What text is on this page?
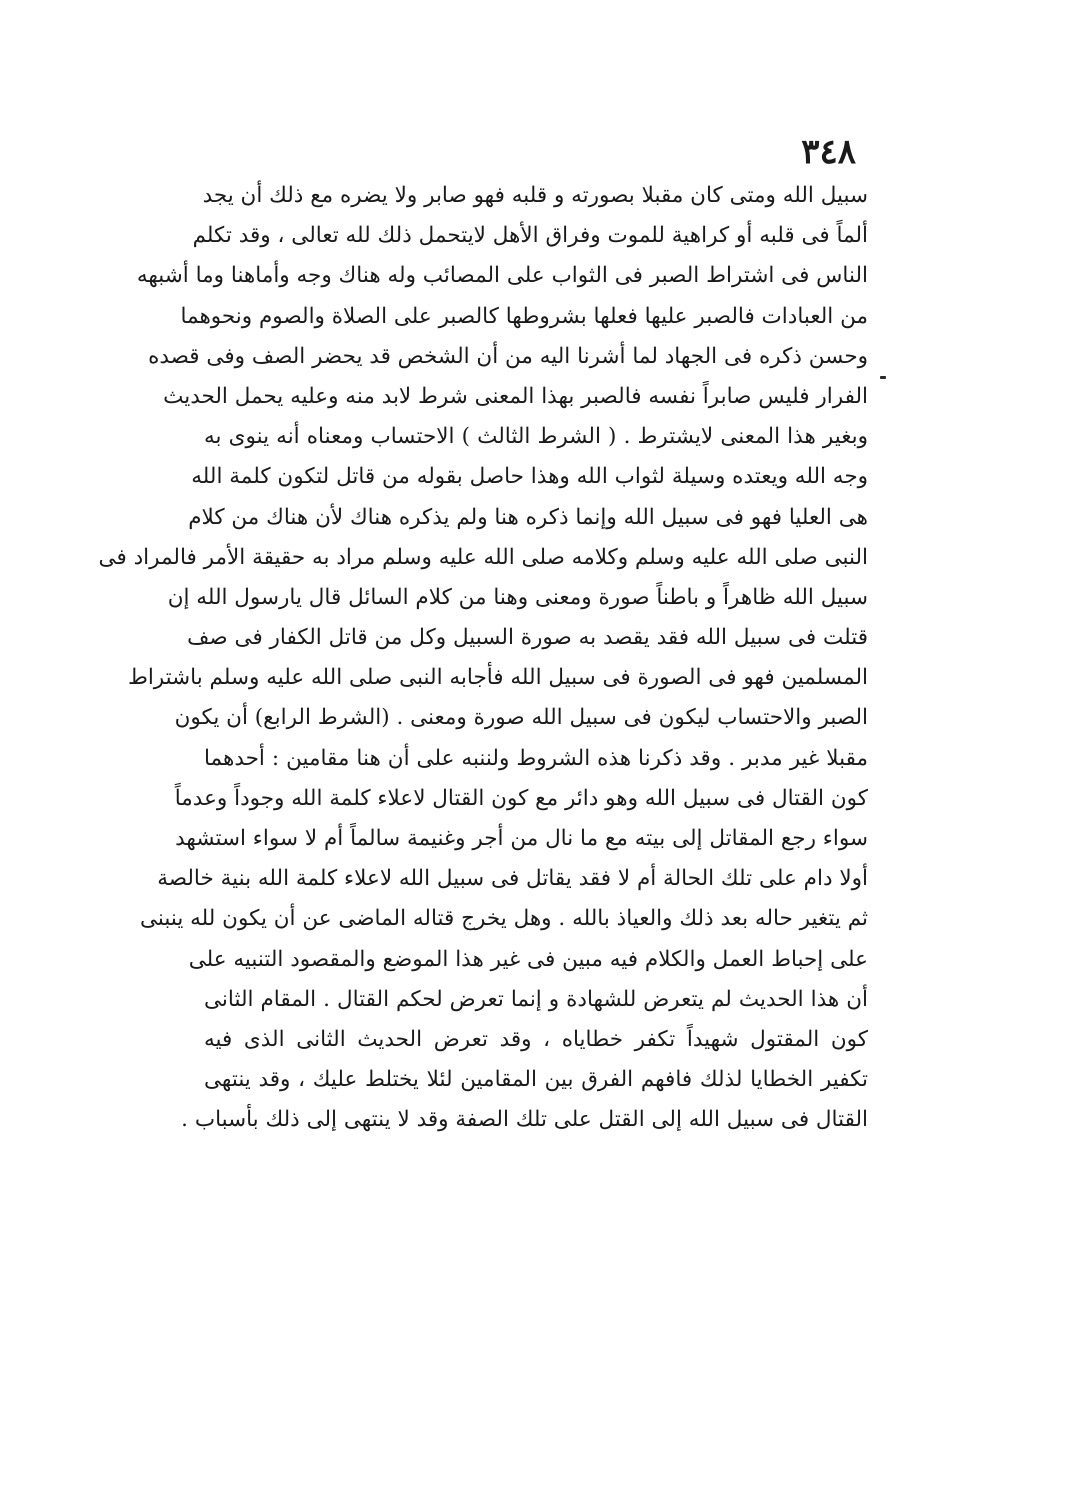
٣٤٨
سبيل الله ومتى كان مقبلا بصورته و قلبه فهو صابر ولا يضره مع ذلك أن يجد
ألماً فى قلبه أو كراهية للموت وفراق الأهل لايتحمل ذلك لله تعالى ، وقد تكلم
الناس فى اشتراط الصبر فى الثواب على المصائب وله هناك وجه وأماهنا وما أشبهه
من العبادات فالصبر عليها فعلها بشروطها كالصبر على الصلاة والصوم ونحوهما
وحسن ذكره فى الجهاد لما أشرنا اليه من أن الشخص قد يحضر الصف وفى قصده
الفرار فليس صابراً نفسه فالصبر بهذا المعنى شرط لابد منه وعليه يحمل الحديث
وبغير هذا المعنى لايشترط . ( الشرط الثالث ) الاحتساب ومعناه أنه ينوى به
وجه الله ويعتده وسيلة لثواب الله وهذا حاصل بقوله من قاتل لتكون كلمة الله
هى العليا فهو فى سبيل الله وإنما ذكره هنا ولم يذكره هناك لأن هناك من كلام
النبى صلى الله عليه وسلم وكلامه صلى الله عليه وسلم مراد به حقيقة الأمر فالمراد فى
سبيل الله ظاهراً و باطناً صورة ومعنى وهنا من كلام السائل قال يارسول الله إن
قتلت فى سبيل الله فقد يقصد به صورة السبيل وكل من قاتل الكفار فى صف
المسلمين فهو فى الصورة فى سبيل الله فأجابه النبى صلى الله عليه وسلم باشتراط
الصبر والاحتساب ليكون فى سبيل الله صورة ومعنى . (الشرط الرابع) أن يكون
مقبلا غير مدبر . وقد ذكرنا هذه الشروط ولننبه على أن هنا مقامين : أحدهما
كون القتال فى سبيل الله وهو دائر مع كون القتال لاعلاء كلمة الله وجوداً وعدماً
سواء رجع المقاتل إلى بيته مع ما نال من أجر وغنيمة سالماً أم لا سواء استشهد
أولا دام على تلك الحالة أم لا فقد يقاتل فى سبيل الله لاعلاء كلمة الله بنية خالصة
ثم يتغير حاله بعد ذلك والعياذ بالله . وهل يخرج قتاله الماضى عن أن يكون لله ينبنى
على إحباط العمل والكلام فيه مبين فى غير هذا الموضع والمقصود التنبيه على
أن هذا الحديث لم يتعرض للشهادة و إنما تعرض لحكم القتال . المقام الثانى
كون المقتول شهيداً تكفر خطاياه ، وقد تعرض الحديث الثانى الذى فيه
تكفير الخطايا لذلك فافهم الفرق بين المقامين لئلا يختلط عليك ، وقد ينتهى
القتال فى سبيل الله إلى القتل على تلك الصفة وقد لا ينتهى إلى ذلك بأسباب .
